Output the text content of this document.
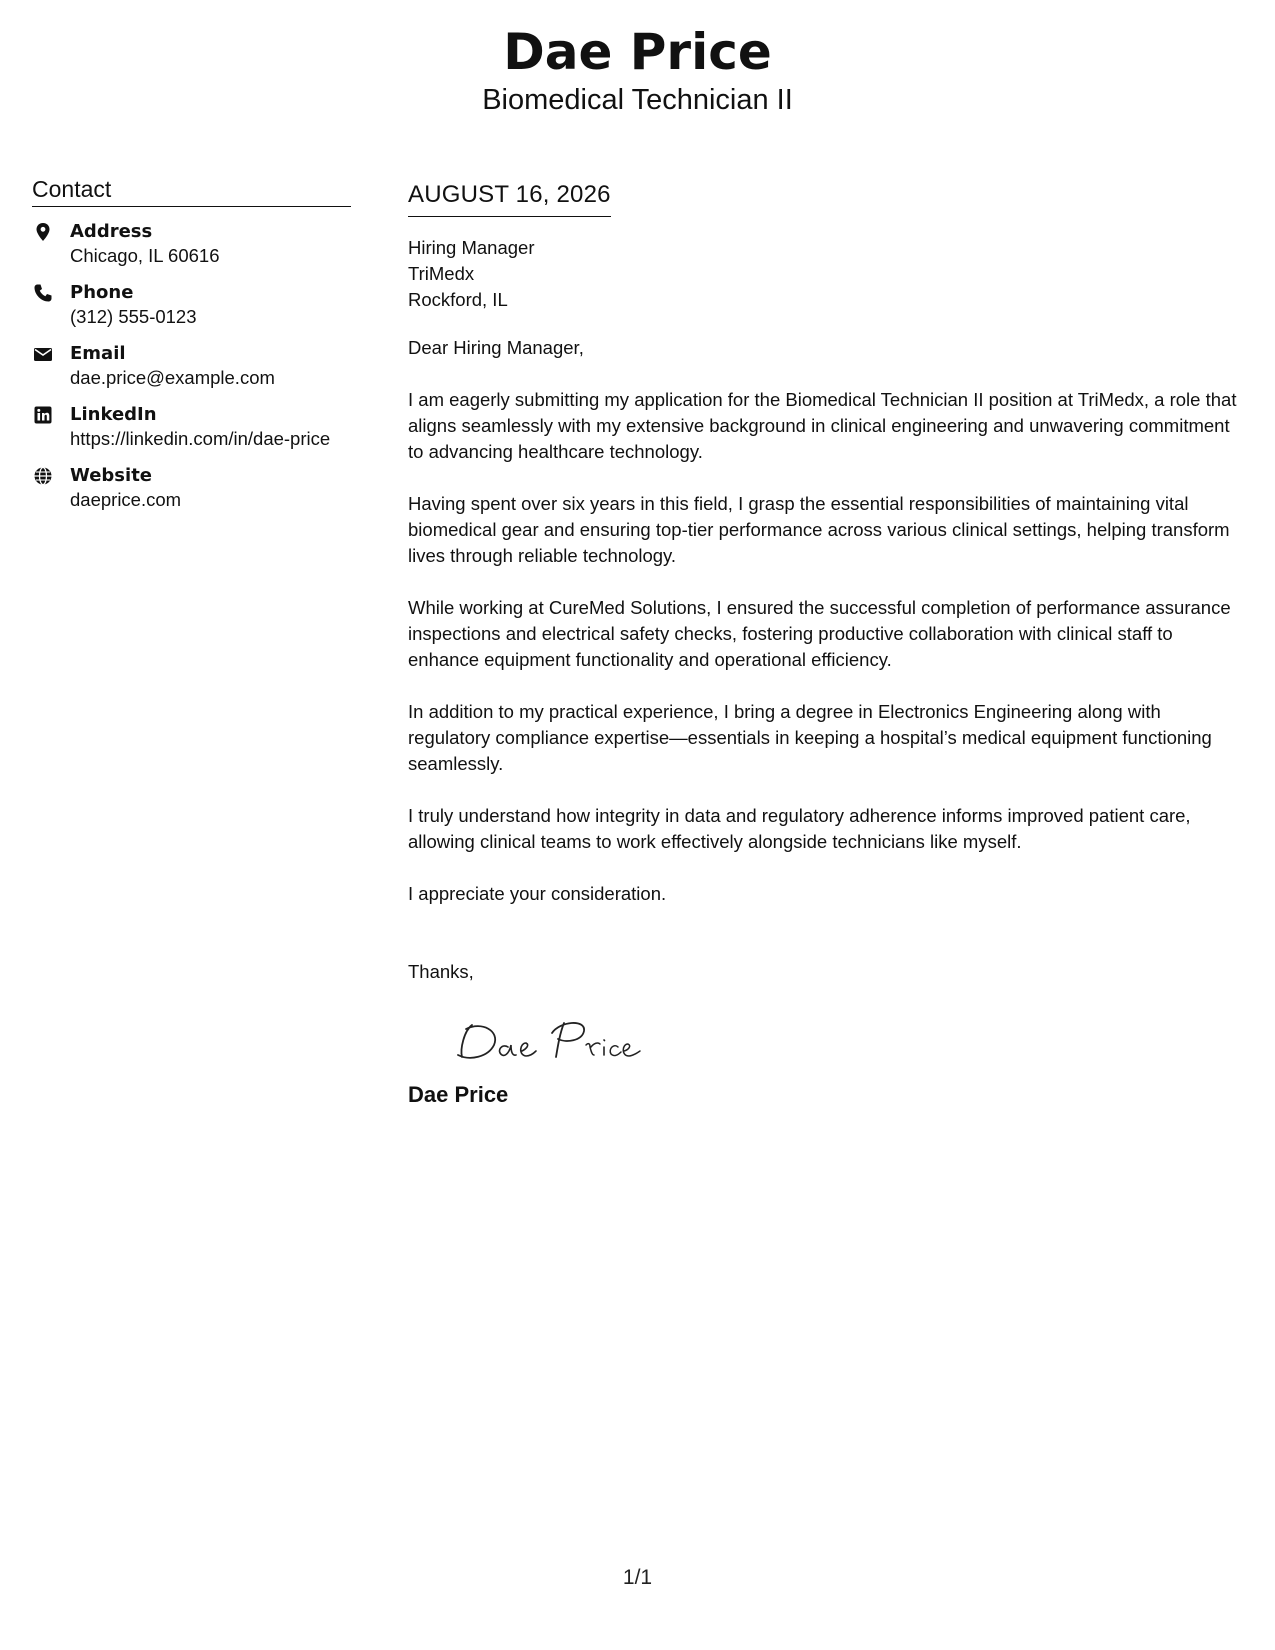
Dae Price
Biomedical Technician II
Contact
Address
Chicago, IL 60616
Phone
(312) 555-0123
Email
dae.price@example.com
LinkedIn
https://linkedin.com/in/dae-price
Website
daeprice.com
AUGUST 16, 2026
Hiring Manager
TriMedx
Rockford, IL

Dear Hiring Manager,

I am eagerly submitting my application for the Biomedical Technician II position at TriMedx, a role that aligns seamlessly with my extensive background in clinical engineering and unwavering commitment to advancing healthcare technology.

Having spent over six years in this field, I grasp the essential responsibilities of maintaining vital biomedical gear and ensuring top-tier performance across various clinical settings, helping transform lives through reliable technology.

While working at CureMed Solutions, I ensured the successful completion of performance assurance inspections and electrical safety checks, fostering productive collaboration with clinical staff to enhance equipment functionality and operational efficiency.

In addition to my practical experience, I bring a degree in Electronics Engineering along with regulatory compliance expertise—essentials in keeping a hospital’s medical equipment functioning seamlessly.

I truly understand how integrity in data and regulatory adherence informs improved patient care, allowing clinical teams to work effectively alongside technicians like myself.

I appreciate your consideration.

Thanks,
Dae Price
1/1
